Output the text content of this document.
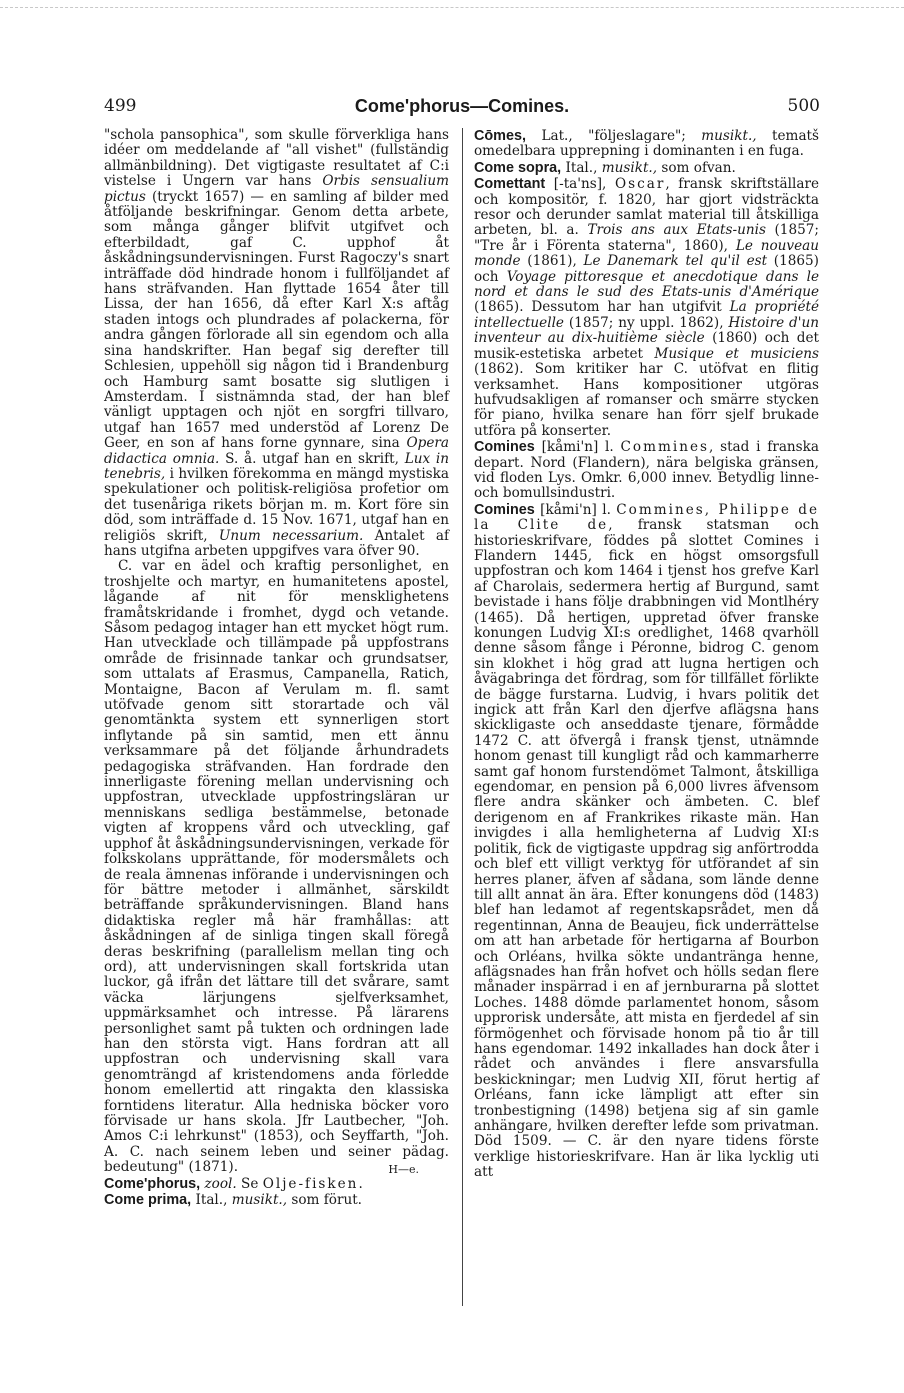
499	Come'phorus—Comines.	500

"schola pansophica", som skulle förverkliga hans idéer om meddelande af "all vishet" (fullständig allmänbildning). Det vigtigaste resultatet af C:i vistelse i Ungern var hans Orbis sensualium pictus (tryckt 1657) — en samling af bilder med åtföljande beskrifningar. Genom detta arbete, som många gånger blifvit utgifvet och efterbildadt, gaf C. upphof åt åskådningsundervisningen. Furst Ragoczy's snart inträffade död hindrade honom i fullföljandet af hans sträfvanden. Han flyttade 1654 åter till Lissa, der han 1656, då efter Karl X:s aftåg staden intogs och plundrades af polackerna, för andra gången förlorade all sin egendom och alla sina handskrifter. Han begaf sig derefter till Schlesien, uppehöll sig någon tid i Brandenburg och Hamburg samt bosatte sig slutligen i Amsterdam. I sistnämnda stad, der han blef vänligt upptagen och njöt en sorgfri tillvaro, utgaf han 1657 med understöd af Lorenz De Geer, en son af hans forne gynnare, sina Opera didactica omnia. S. å. utgaf han en skrift, Lux in tenebris, i hvilken förekomma en mängd mystiska spekulationer och politisk-religiösa profetior om det tusenåriga rikets början m. m. Kort före sin död, som inträffade d. 15 Nov. 1671, utgaf han en religiös skrift, Unum necessarium. Antalet af hans utgifna arbeten uppgifves vara öfver 90.

C. var en ädel och kraftig personlighet, en troshjelte och martyr, en humanitetens apostel, lågande af nit för mensklighetens framåtskridande i fromhet, dygd och vetande. Såsom pedagog intager han ett mycket högt rum. Han utvecklade och tillämpade på uppfostrans område de frisinnade tankar och grundsatser, som uttalats af Erasmus, Campanella, Ratich, Montaigne, Bacon af Verulam m. fl. samt utöfvade genom sitt storartade och väl genomtänkta system ett synnerligen stort inflytande på sin samtid, men ett ännu verksammare på det följande århundradets pedagogiska sträfvanden. Han fordrade den innerligaste förening mellan undervisning och uppfostran, utvecklade uppfostringsläran ur menniskans sedliga bestämmelse, betonade vigten af kroppens vård och utveckling, gaf upphof åt åskådningsundervisningen, verkade för folkskolans upprättande, för modersmålets och de reala ämnenas införande i undervisningen och för bättre metoder i allmänhet, särskildt beträffande språkundervisningen. Bland hans didaktiska regler må här framhållas: att åskådningen af de sinliga tingen skall föregå deras beskrifning (parallelism mellan ting och ord), att undervisningen skall fortskrida utan luckor, gå ifrån det lättare till det svårare, samt väcka lärjungens sjelfverksamhet, uppmärksamhet och intresse. På lärarens personlighet samt på tukten och ordningen lade han den största vigt. Hans fordran att all uppfostran och undervisning skall vara genomträngd af kristendomens anda förledde honom emellertid att ringakta den klassiska forntidens literatur. Alla hedniska böcker voro förvisade ur hans skola. Jfr Lautbecher, "Joh. Amos C:i lehrkunst" (1853), och Seyffarth, "Joh. A. C. nach seinem leben und seiner pädag. bedeutung" (1871).	H—e.

Come'phorus, zool. Se Olje-fisken.

Come prima, Ital., musikt., som förut.

Cōmes, Lat., "följeslagare"; musikt., tematš omedelbara upprepning i dominanten i en fuga.

Come sopra, Ital., musikt., som ofvan.

Comettant [-ta'ns], Oscar, fransk skriftställare och kompositör, f. 1820, har gjort vidsträckta resor och derunder samlat material till åtskilliga arbeten, bl. a. Trois ans aux Etats-unis (1857; "Tre år i Förenta staterna", 1860), Le nouveau monde (1861), Le Danemark tel qu'il est (1865) och Voyage pittoresque et anecdotique dans le nord et dans le sud des Etats-unis d'Amérique (1865). Dessutom har han utgifvit La propriété intellectuelle (1857; ny uppl. 1862), Histoire d'un inventeur au dix-huitième siècle (1860) och det musik-estetiska arbetet Musique et musiciens (1862). Som kritiker har C. utöfvat en flitig verksamhet. Hans kompositioner utgöras hufvudsakligen af romanser och smärre stycken för piano, hvilka senare han förr sjelf brukade utföra på konserter.

Comines [kåmi'n] l. Commines, stad i franska depart. Nord (Flandern), nära belgiska gränsen, vid floden Lys. Omkr. 6,000 innev. Betydlig linne- och bomullsindustri.

Comines [kåmi'n] l. Commines, Philippe de la Clite de, fransk statsman och historieskrifvare, föddes på slottet Comines i Flandern 1445, fick en högst omsorgsfull uppfostran och kom 1464 i tjenst hos grefve Karl af Charolais, sedermera hertig af Burgund, samt bevistade i hans följe drabbningen vid Montlhéry (1465). Då hertigen, uppretad öfver franske konungen Ludvig XI:s oredlighet, 1468 qvarhöll denne såsom fånge i Péronne, bidrog C. genom sin klokhet i hög grad att lugna hertigen och åvägabringa det fördrag, som för tillfället förlikte de bägge furstarna. Ludvig, i hvars politik det ingick att från Karl den djerfve aflägsna hans skickligaste och anseddaste tjenare, förmådde 1472 C. att öfvergå i fransk tjenst, utnämnde honom genast till kungligt råd och kammarherre samt gaf honom furstendömet Talmont, åtskilliga egendomar, en pension på 6,000 livres äfvensom flere andra skänker och ämbeten. C. blef derigenom en af Frankrikes rikaste män. Han invigdes i alla hemligheterna af Ludvig XI:s politik, fick de vigtigaste uppdrag sig anförtrodda och blef ett villigt verktyg för utförandet af sin herres planer, äfven af sådana, som lände denne till allt annat än ära. Efter konungens död (1483) blef han ledamot af regentskapsrådet, men då regentinnan, Anna de Beaujeu, fick underrättelse om att han arbetade för hertigarna af Bourbon och Orléans, hvilka sökte undantränga henne, aflägsnades han från hofvet och hölls sedan flere månader inspärrad i en af jernburarna på slottet Loches. 1488 dömde parlamentet honom, såsom upprorisk undersåte, att mista en fjerdedel af sin förmögenhet och förvisade honom på tio år till hans egendomar. 1492 inkallades han dock åter i rådet och användes i flere ansvarsfulla beskickningar; men Ludvig XII, förut hertig af Orléans, fann icke lämpligt att efter sin tronbestigning (1498) betjena sig af sin gamle anhängare, hvilken derefter lefde som privatman. Död 1509. — C. är den nyare tidens förste verklige historieskrifvare. Han är lika lycklig uti att
